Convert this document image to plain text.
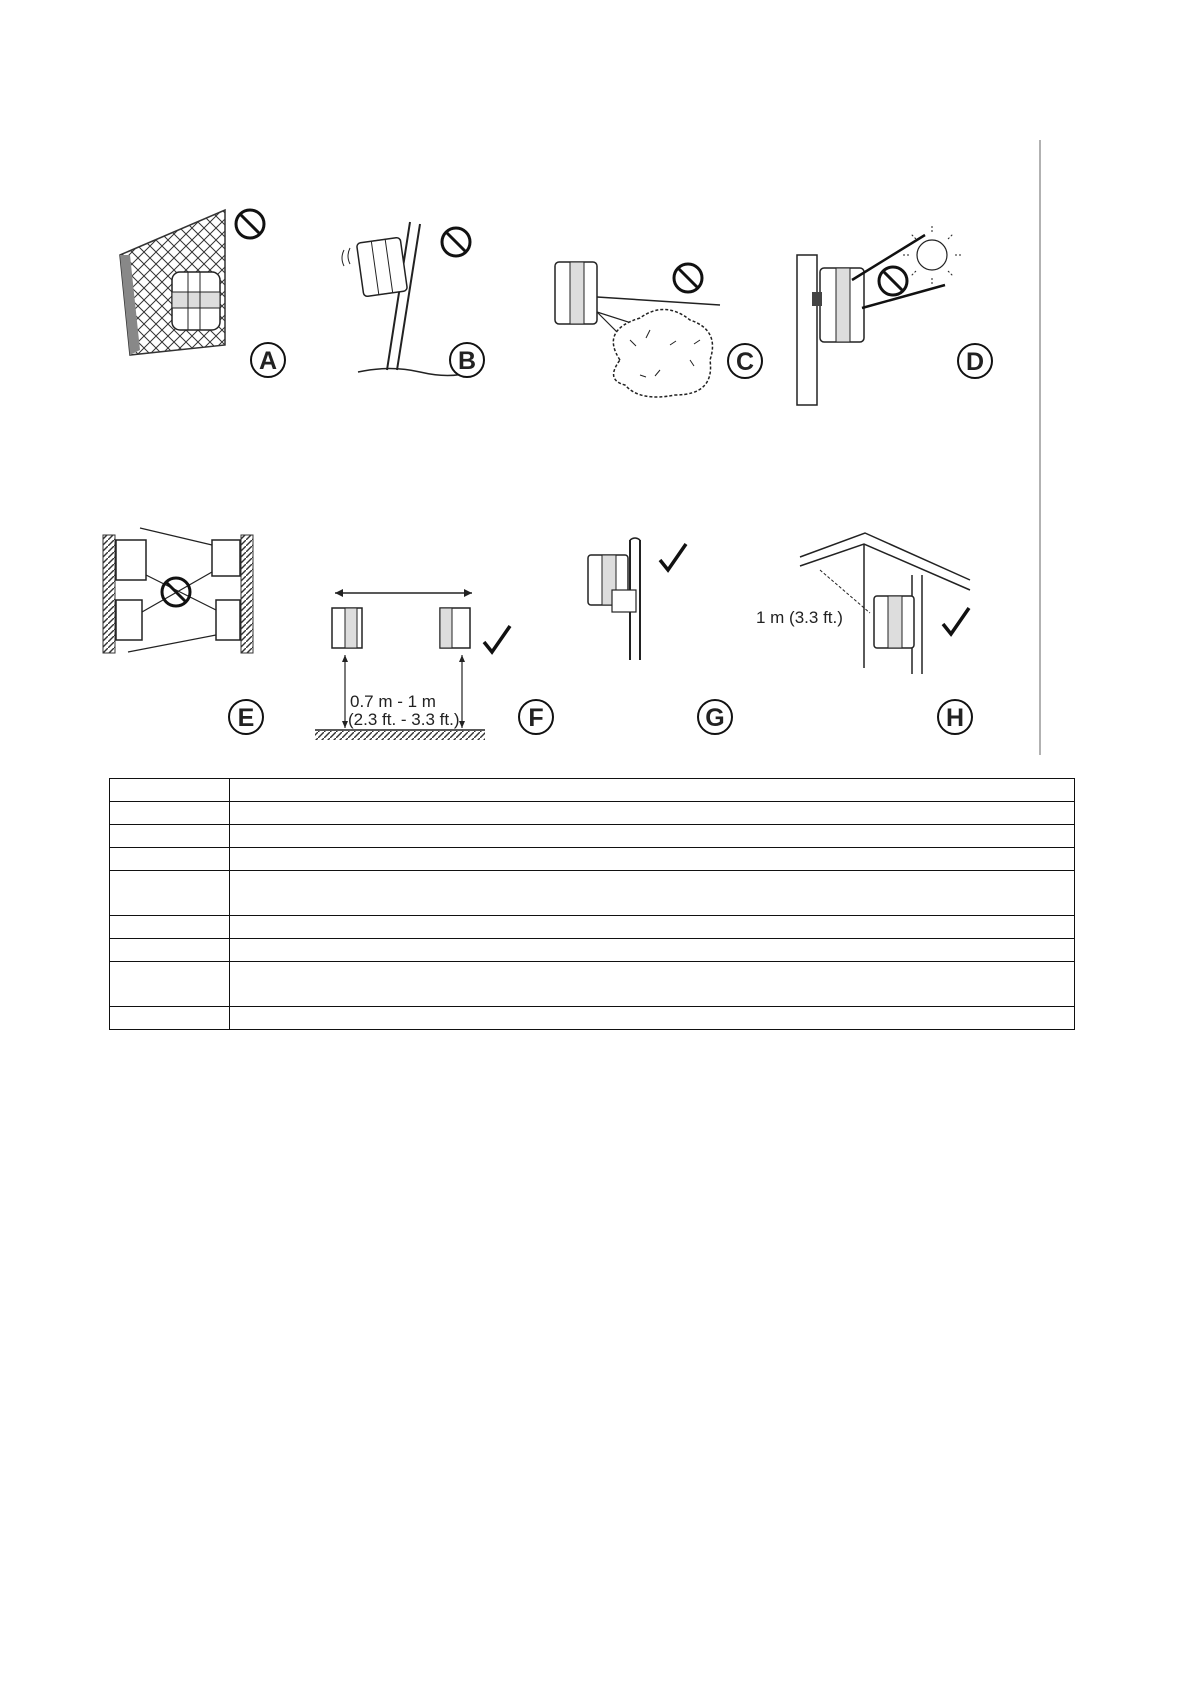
A	B	C	D
E
0.7 m - 1 m
(2.3 ft. - 3.3 ft.)	F	G
1 m (3.3 ft.)
H
